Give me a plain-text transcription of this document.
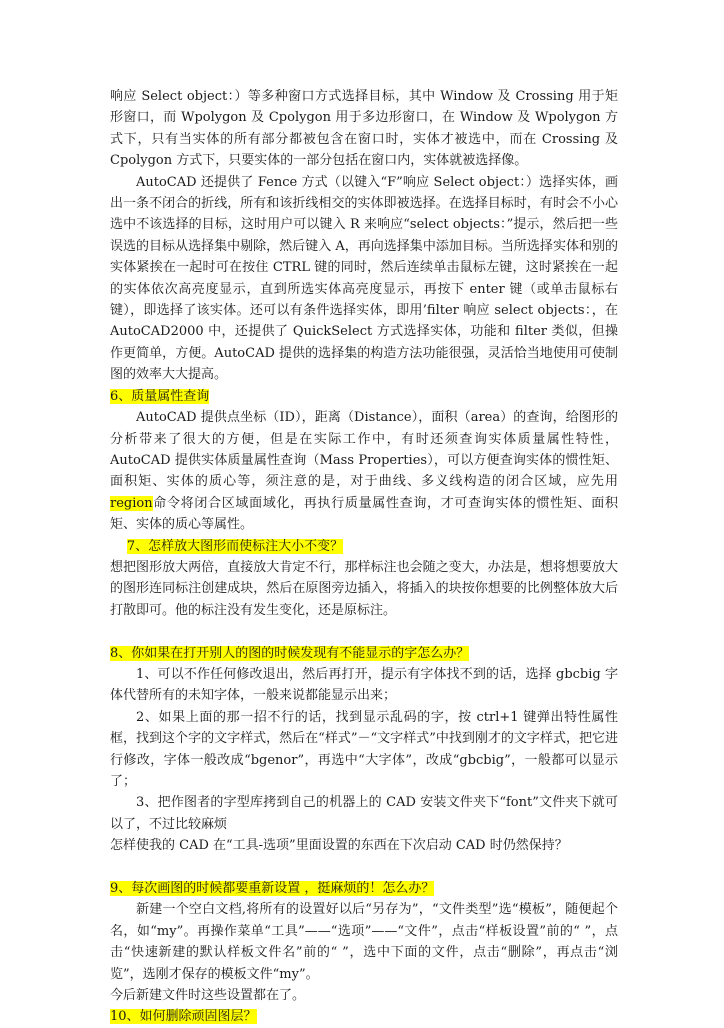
响应 Select object：）等多种窗口方式选择目标，其中 Window 及 Crossing 用于矩形窗口，而 Wpolygon 及 Cpolygon 用于多边形窗口，在 Window 及 Wpolygon 方式下，只有当实体的所有部分都被包含在窗口时，实体才被选中，而在 Crossing 及 Cpolygon 方式下，只要实体的一部分包括在窗口内，实体就被选择像。

AutoCAD 还提供了 Fence 方式（以键入“F”响应 Select object：）选择实体，画出一条不闭合的折线，所有和该折线相交的实体即被选择。在选择目标时，有时会不小心选中不该选择的目标，这时用户可以键入 R 来响应“select objects：”提示，然后把一些误选的目标从选择集中剔除，然后键入 A，再向选择集中添加目标。当所选择实体和别的实体紧挨在一起时可在按住 CTRL 键的同时，然后连续单击鼠标左键，这时紧挨在一起的实体依次高亮度显示，直到所选实体高亮度显示，再按下 enter 键（或单击鼠标右键），即选择了该实体。还可以有条件选择实体，即用’filter 响应 select objects：，在 AutoCAD2000 中，还提供了 QuickSelect 方式选择实体，功能和 filter 类似，但操作更简单，方便。AutoCAD 提供的选择集的构造方法功能很强，灵活恰当地使用可使制图的效率大大提高。

6、质量属性查询

AutoCAD 提供点坐标（ID），距离（Distance），面积（area）的查询，给图形的分析带来了很大的方便，但是在实际工作中，有时还须查询实体质量属性特性，AutoCAD 提供实体质量属性查询（Mass Properties），可以方便查询实体的惯性矩、面积矩、实体的质心等，须注意的是，对于曲线、多义线构造的闭合区域，应先用region命令将闭合区域面域化，再执行质量属性查询，才可查询实体的惯性矩、面积矩、实体的质心等属性。

7、怎样放大图形而使标注大小不变？

想把图形放大两倍，直接放大肯定不行，那样标注也会随之变大，办法是，想将想要放大的图形连同标注创建成块，然后在原图旁边插入，将插入的块按你想要的比例整体放大后打散即可。他的标注没有发生变化，还是原标注。

8、你如果在打开别人的图的时候发现有不能显示的字怎么办？

1、可以不作任何修改退出，然后再打开，提示有字体找不到的话，选择 gbcbig 字体代替所有的未知字体，一般来说都能显示出来；

2、如果上面的那一招不行的话，找到显示乱码的字，按 ctrl+1 键弹出特性属性框，找到这个字的文字样式，然后在“样式”－“文字样式”中找到刚才的文字样式，把它进行修改，字体一般改成“bgenor”，再选中“大字体”，改成“gbcbig”，一般都可以显示了；

3、把作图者的字型库拷到自己的机器上的 CAD 安装文件夹下“font”文件夹下就可以了，不过比较麻烦

怎样使我的 CAD 在“工具-选项”里面设置的东西在下次启动 CAD 时仍然保持？

9、每次画图的时候都要重新设置 ，挺麻烦的！怎么办？

新建一个空白文档,将所有的设置好以后“另存为”，“文件类型”选“模板”，随便起个名，如“my”。再操作菜单“工具”——“选项”——“文件”，点击“样板设置”前的“ ”，点击“快速新建的默认样板文件名”前的“ ”，选中下面的文件，点击“删除”，再点击“浏览”，选刚才保存的模板文件“my”。

今后新建文件时这些设置都在了。

10、如何删除顽固图层？
